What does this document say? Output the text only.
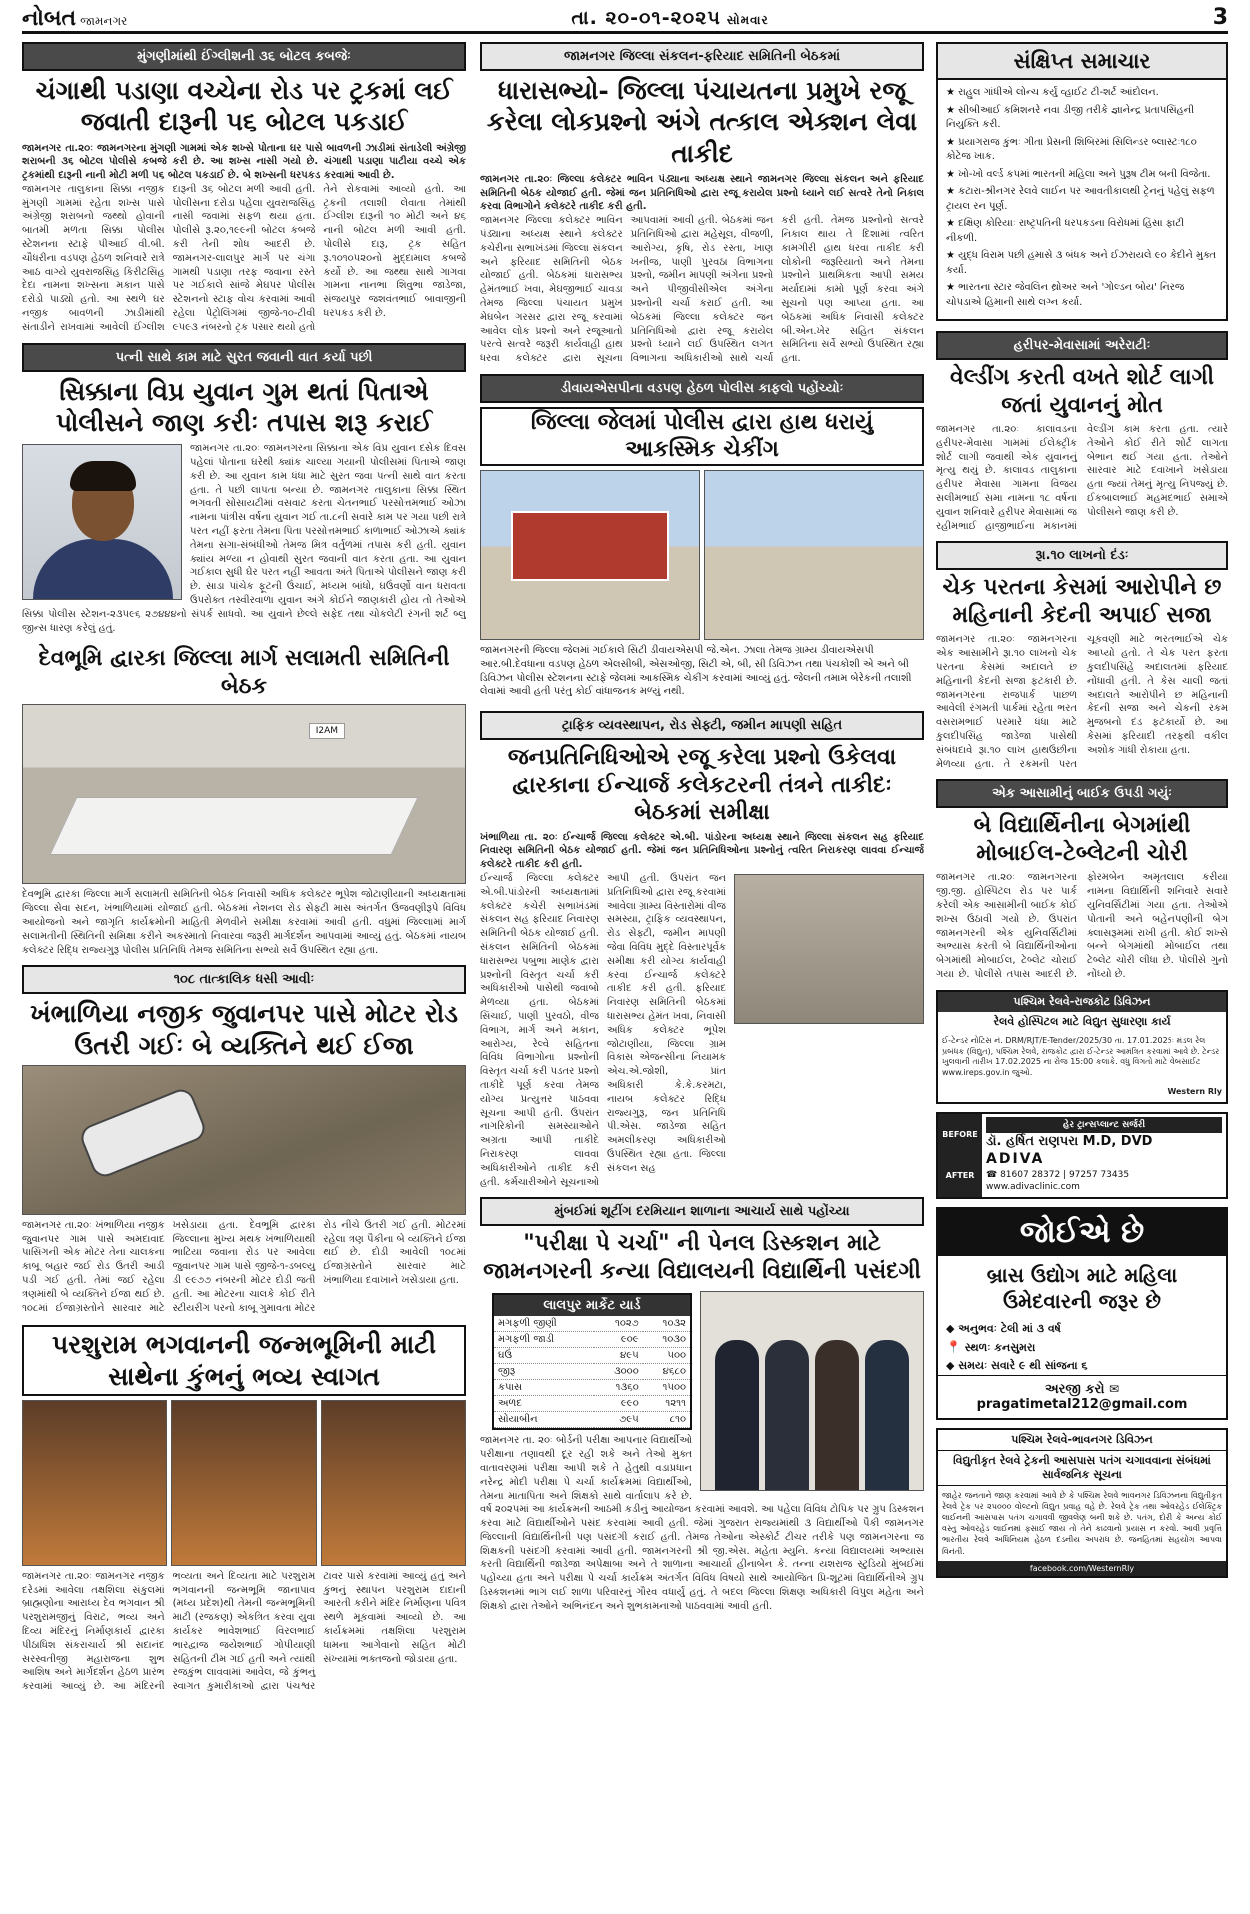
નોબત જામનગર	તા. ૨૦-૦૧-૨૦૨૫ સોમવાર	3
મુંગણીમાંથી ઈંગ્લીશની ૩૬ બોટલ કબજેઃ
ચંગાથી પડાણા વચ્ચેના રોડ પર ટ્રકમાં લઈ જવાતી દારૂની ૫૬ બોટલ પકડાઈ
જામનગર તા.૨૦ઃ જામનગરના મુંગણી ગામમાં એક શખ્સે પોતાના ઘર પાસે બાવળની ઝાડીમાં સંતાડેલી અંગ્રેજી શરાબની ૩૬ બોટલ પોલીસે કબજે કરી છે. આ શખ્સ નાસી ગયો છે. ચંગાથી પડાણા પાટીયા વચ્ચે એક ટ્રકમાંથી દારૂની નાની મોટી મળી ૫૬ બોટલ પકડાઈ છે. બે શખ્સની ધરપકડ કરવામાં આવી છે.
જામનગર તાલુકાના સિક્કા નજીક મુંગણી ગામમાં રહેતા શખ્સ પાસે અંગ્રેજી શરાબનો જથ્થો હોવાની બાતમી મળતા સિક્કા પોલીસ સ્ટેશનના સ્ટાફે પીઆઈ વી.બી. ચૌધરીના વડપણ હેઠળ શનિવારે રાત્રે આઠ વાગ્યે યુવરાજસિંહ કિરીટસિંહ દેદા નામના શખ્સના મકાન પાસે દરોડો પાડ્યો હતો. આ સ્થળે ઘર નજીક બાવળની ઝાડીમાંથી સંતાડીને રાખવામાં આવેલી ઈંગ્લીશ દારૂની ૩૬ બોટલ મળી આવી હતી. પોલીસના દરોડા પહેલા યુવરાજસિંહ નાસી જવામાં સફળ થયા હતા. પોલીસે રૂ.૨૦,૧૯૯ની બોટલ કબજે કરી તેની શોધ આદરી છે. જામનગર-લાલપુર માર્ગ પર ચંગા ગામથી પડાણા તરફ જવાના રસ્તે પર ગઈકાલે સાંજે મેઘપર પોલીસ સ્ટેશનનો સ્ટાફ વોચ કરવામાં આવી રહેલા પેટ્રોલિંગમાં જીજે-૧૦-ટીવી ૯૫૯૩ નંબરનો ટ્રક પસાર થયો હતો તેને રોકવામાં આવ્યો હતો. આ ટ્રકની તલાશી લેવાતા તેમાંથી ઈંગ્લીશ દારૂની ૧૦ મોટી અને ૪૬ નાની બોટલ મળી આવી હતી. પોલીસે દારૂ, ટ્રક સહિત રૂ.૧૦૧૦૫૨૦નો મુદ્દામાલ કબજે કર્યો છે. આ જથ્થા સાથે ગાગવા ગામના નાનભા શિવુભા જાડેજા, સંજયપુર જશવંતભાઈ બાવાજીની ધરપકડ કરી છે.
પત્ની સાથે કામ માટે સુરત જવાની વાત કર્યા પછી
સિક્કાના વિપ્ર યુવાન ગુમ થતાં પિતાએ પોલીસને જાણ કરીઃ તપાસ શરૂ કરાઈ
જામનગર તા.૨૦ઃ જામનગરના સિક્કાના એક વિપ્ર યુવાન દસેક દિવસ પહેલાં પોતાના ઘરેથી ક્યાંક ચાલ્યા ગયાની પોલીસમાં પિતાએ જાણ કરી છે. આ યુવાન કામ ધંધા માટે સુરત જવા પત્ની સાથે વાત કરતા હતા. તે પછી લાપતા બન્યા છે. જામનગર તાલુકાના સિક્કા સ્થિત ભગવતી સોસાયટીમાં વસવાટ કરતા ચેતનભાઈ પરસોત્તમભાઈ ઓઝા નામના પાંત્રીસ વર્ષના યુવાન ગઈ તા.૮ની સવારે કામ પર ગયા પછી રાત્રે પરત નહીં ફરતા તેમના પિતા પરસોત્તમભાઈ કાળાભાઈ ઓઝાએ ક્યાંક તેમના સગા-સંબંધીઓ તેમજ મિત્ર વર્તુળમાં તપાસ કરી હતી. યુવાન ક્યાંય મળ્યા ન હોવાથી સુરત જવાની વાત કરતા હતા. આ યુવાન ગઈકાલ સુધી ઘેર પરત નહીં આવતા અંતે પિતાએ પોલીસને જાણ કરી છે. સાડા પાંચેક ફૂટની ઉંચાઈ, મધ્યમ બાંધો, ઘઉંવર્ણો વાન ધરાવતા ઉપરોક્ત તસ્વીરવાળા યુવાન અંગે કોઈને જાણકારી હોય તો તેઓએ સિક્કા પોલીસ સ્ટેશન-૨૩૫૯૬ ૨૭૪૪૪નો સંપર્ક સાધવો. આ યુવાને છેલ્લે સફેદ તથા ચોકલેટી રંગની શર્ટ બ્લુ જીન્સ ધારણ કરેલું હતું.
દેવભૂમિ દ્વારકા જિલ્લા માર્ગ સલામતી સમિતિની બેઠક
I2AM
દેવભૂમિ દ્વારકા જિલ્લા માર્ગ સલામતી સમિતિની બેઠક નિવાસી અધિક કલેક્ટર ભૂપેશ જોટાણીયાની અધ્યક્ષતામાં જિલ્લા સેવા સદન, ખંભાળિયામાં યોજાઈ હતી. બેઠકમાં નેશનલ રોડ સેફ્ટી માસ અંતર્ગત ઉજવણીરૂપે વિવિધ આયોજનો અને જાગૃતિ કાર્યક્રમોની માહિતી મેળવીને સમીક્ષા કરવામાં આવી હતી. વધુમાં જિલ્લામાં માર્ગ સલામતીની સ્થિતિની સમિક્ષા કરીને અકસ્માતો નિવારવા જરૂરી માર્ગદર્શન આપવામાં આવ્યું હતું. બેઠકમાં નાયબ કલેક્ટર રિદ્ધિ રાજ્યગુરૂ પોલીસ પ્રતિનિધિ તેમજ સમિતિના સભ્યો સર્વે ઉપસ્થિત રહ્યા હતા.
૧૦૮ તાત્કાલિક ધસી આવીઃ
ખંભાળિયા નજીક જુવાનપર પાસે મોટર રોડ ઉતરી ગઈઃ બે વ્યક્તિને થઈ ઈજા
જામનગર તા.૨૦ઃ ખંભાળિયા નજીક જુવાનપર ગામ પાસે અમદાવાદ પાસિંગની એક મોટર તેના ચાલકના કાબૂ બહાર જઈ રોડ ઉતરી આડી પડી ગઈ હતી. તેમાં જઈ રહેલા ત્રણમાંથી બે વ્યક્તિને ઈજા થઈ છે. ૧૦૮માં ઈજાગ્રસ્તોને સારવાર માટે ખસેડાયા હતા. દેવભૂમિ દ્વારકા જિલ્લાના મુખ્ય મથક ખંભાળિયાથી ભાટિયા જવાના રોડ પર આવેલા જુવાનપર ગામ પાસે જીજે-૧-ડબલ્યુ ડી ૯૯૭૭ નંબરની મોટર દોડી જતી હતી. આ મોટરના ચાલકે કોઈ રીતે સ્ટીયરીંગ પરનો કાબૂ ગુમાવતા મોટર રોડ નીચે ઉતરી ગઈ હતી. મોટરમાં રહેલા ત્રણ પૈકીના બે વ્યક્તિને ઈજા થઈ છે. દોડી આવેલી ૧૦૮માં ઈજાગ્રસ્તોને સારવાર માટે ખંભાળિયા દવાખાને ખસેડાયા હતા.
પરશુરામ ભગવાનની જન્મભૂમિની માટી સાથેના કુંભનું ભવ્ય સ્વાગત
જામનગર તા.૨૦ઃ જામનગર નજીક દરેડમાં આવેલા તક્ષશિલા સંકુલમાં બ્રાહ્મણોના આરાધ્ય દેવ ભગવાન શ્રી પરશુરામજીનું વિરાટ, ભવ્ય અને દિવ્ય મંદિરનું નિર્માણકાર્ય દ્વારકા પીઠાધિશ સંકરાચાર્ય શ્રી સદાનંદ સરસ્વતીજી મહારાજના શુભ આશિષ અને માર્ગદર્શન હેઠળ પ્રારંભ કરવામાં આવ્યું છે. આ મંદિરની ભવ્યતા અને દિવ્યતા માટે પરશુરામ ભગવાનની જન્મભૂમિ જાનાપાવ (મધ્ય પ્રદેશ)થી તેમની જન્મભૂમિની માટી (રજકણ) એકત્રિત કરવા યુવા કાર્યકર ભાવેશભાઈ વિરલભાઈ ભારદ્વાજ જયેશભાઈ ગોપીયાણી સહિતની ટીમ ગઈ હતી અને ત્યાંથી રજકુંભ લાવવામાં આવેલ, જે કુંભનું સ્વાગત કુમારીકાઓ દ્વારા પંચશ્વર ટાવર પાસે કરવામાં આવ્યું હતું અને કુંભનું સ્થાપન પરશુરામ દાદાની આરતી કરીને મંદિર નિર્માણના પવિત્ર સ્થળે મૂકવામાં આવ્યો છે. આ કાર્યક્રમમાં તક્ષશિલા પરશુરામ ધામના આગેવાનો સહિત મોટી સંખ્યામાં ભક્તજનો જોડાયા હતા.
જામનગર જિલ્લા સંકલન-ફરિયાદ સમિતિની બેઠકમાં
ધારાસભ્યો- જિલ્લા પંચાયતના પ્રમુખે રજૂ કરેલા લોકપ્રશ્નો અંગે તત્કાલ એક્શન લેવા તાકીદ
જામનગર તા.૨૦ઃ જિલ્લા કલેક્ટર ભાવિન પંડ્યાના અધ્યક્ષ સ્થાને જામનગર જિલ્લા સંકલન અને ફરિયાદ સમિતિની બેઠક યોજાઈ હતી. જેમાં જન પ્રતિનિધિઓ દ્વારા રજૂ કરાયેલ પ્રશ્નો ધ્યાને લઈ સત્વરે તેનો નિકાલ કરવા વિભાગોને કલેક્ટરે તાકીદ કરી હતી.
જામનગર જિલ્લા કલેક્ટર ભાવિન પંડ્યાના અધ્યક્ષ સ્થાને કલેક્ટર કચેરીના સભાખંડમાં જિલ્લા સંકલન અને ફરિયાદ સમિતિની બેઠક યોજાઈ હતી. બેઠકમાં ધારાસભ્ય હેમંતભાઈ ખવા, મેઘજીભાઈ ચાવડા તેમજ જિલ્લા પંચાયત પ્રમુખ મેઘબેન ગરસર દ્વારા રજૂ કરવામાં આવેલ લોક પ્રશ્નો અને રજૂઆતો પરત્વે સત્વરે જરૂરી કાર્યવાહી હાથ ધરવા કલેક્ટર દ્વારા સૂચના આપવામાં આવી હતી. બેઠકમાં જન પ્રતિનિધિઓ દ્વારા મહેસૂલ, વીજળી, આરોગ્ય, કૃષિ, રોડ રસ્તા, ખાણ ખનીજ, પાણી પુરવઠા વિભાગના પ્રશ્નો, જમીન માપણી અંગેના પ્રશ્નો અને પીજીવીસીએલ અંગેના પ્રશ્નોની ચર્ચા કરાઈ હતી. આ બેઠકમાં જિલ્લા કલેક્ટર જન પ્રતિનિધિઓ દ્વારા રજૂ કરાયેલ પ્રશ્નો ધ્યાને લઈ ઉપસ્થિત લગત વિભાગના અધિકારીઓ સાથે ચર્ચા કરી હતી. તેમજ પ્રશ્નોનો સત્વરે નિકાલ થાય તે દિશામાં ત્વરિત કામગીરી હાથ ધરવા તાકીદ કરી લોકોની જરૂરિયાતો અને તેમના પ્રશ્નોને પ્રાથમિકતા આપી સમય મર્યાદામાં કામો પૂર્ણ કરવા અંગે સૂચનો પણ આપ્યા હતા. આ બેઠકમાં અધિક નિવાસી કલેક્ટર બી.એન.ખેર સહિત સંકલન સમિતિના સર્વે સભ્યો ઉપસ્થિત રહ્યા હતા.
ડીવાયએસપીના વડપણ હેઠળ પોલીસ કાફલો પહોંચ્યોઃ
જિલ્લા જેલમાં પોલીસ દ્વારા હાથ ધરાયું આકસ્મિક ચેકીંગ
જામનગરની જિલ્લા જેલમાં ગઈકાલે સિટી ડીવાયએસપી જે.એન. ઝાલા તેમજ ગ્રામ્ય ડીવાયએસપી આર.બી.દેવધાના વડપણ હેઠળ એલસીબી, એસઓજી, સિટી એ, બી, સી ડિવિઝન તથા પંચકોશી એ અને બી ડિવિઝન પોલીસ સ્ટેશનના સ્ટાફે જેલમાં આકસ્મિક ચેકીંગ કરવામાં આવ્યું હતું. જેલની તમામ બેરેકની તલાશી લેવામાં આવી હતી પરંતુ કોઈ વાંધાજનક મળ્યું નથી.
ટ્રાફિક વ્યવસ્થાપન, રોડ સેફ્ટી, જમીન માપણી સહિત
જનપ્રતિનિધિઓએ રજૂ કરેલા પ્રશ્નો ઉકેલવા દ્વારકાના ઈન્ચાર્જ કલેકટરની તંત્રને તાકીદઃ બેઠકમાં સમીક્ષા
ખંભાળિયા તા. ૨૦ઃ ઈન્ચાર્જ જિલ્લા કલેક્ટર એ.બી. પાંડોરના અધ્યક્ષ સ્થાને જિલ્લા સંકલન સહ ફરિયાદ નિવારણ સમિતિની બેઠક યોજાઈ હતી. જેમાં જન પ્રતિનિધિઓના પ્રશ્નોનું ત્વરિત નિરાકરણ લાવવા ઈન્ચાર્જ કલેક્ટરે તાકીદ કરી હતી.
ઈન્ચાર્જ જિલ્લા કલેક્ટર એ.બી.પાંડોરની અધ્યક્ષતામાં કલેક્ટર કચેરી સભાખંડમાં સંકલન સહ ફરિયાદ નિવારણ સમિતિની બેઠક યોજાઈ હતી. સંકલન સમિતિની બેઠકમાં ધારાસભ્ય પબુભા માણેક દ્વારા પ્રશ્નોની વિસ્તૃત ચર્ચા કરી અધિકારીઓ પાસેથી જવાબો મેળવ્યા હતા. બેઠકમાં સિંચાઈ, પાણી પુરવઠો, વીજ વિભાગ, માર્ગ અને મકાન, આરોગ્ય, રેલ્વે સહિતના વિવિધ વિભાગોના પ્રશ્નોની વિસ્તૃત ચર્ચા કરી પડતર પ્રશ્નો તાકીદે પૂર્ણ કરવા તેમજ યોગ્ય પ્રત્યુત્તર પાઠવવા સૂચના આપી હતી. ઉપરાંત નાગરિકોની સમસ્યાઓને અગ્રતા આપી તાકીદે નિરાકરણ લાવવા અધિકારીઓને તાકીદ કરી હતી. કર્મચારીઓને સૂચનાઓ આપી હતી. ઉપરાંત જન પ્રતિનિધિઓ દ્વારા રજૂ કરવામાં આવેલા ગ્રામ્ય વિસ્તારોમાં વીજ સમસ્યા, ટ્રાફિક વ્યવસ્થાપન, રોડ સેફ્ટી, જમીન માપણી જેવા વિવિધ મુદ્દે વિસ્તારપૂર્વક સમીક્ષા કરી યોગ્ય કાર્યવાહી કરવા ઈન્ચાર્જ કલેક્ટરે તાકીદ કરી હતી. ફરિયાદ નિવારણ સમિતિની બેઠકમાં ધારાસભ્ય હેમંત ખવા, નિવાસી અધિક કલેક્ટર ભૂપેશ જોટાણીયા, જિલ્લા ગ્રામ વિકાસ એજન્સીના નિયામક એચ.એ.જોશી, પ્રાંત અધિકારી કે.કે.કરમટા, નાયબ કલેક્ટર રિદ્ધિ રાજ્યગુરૂ, જન પ્રતિનિધિ પી.એસ. જાડેજા સહિત અમલીકરણ અધિકારીઓ ઉપસ્થિત રહ્યા હતા. જિલ્લા સંકલન સહ
મુંબઈમાં શૂટીંગ દરમિયાન શાળાના આચાર્ય સાથે પહોંચ્યા
"પરીક્ષા પે ચર્ચા" ની પેનલ ડિસ્કશન માટે જામનગરની કન્યા વિદ્યાલયની વિદ્યાર્થિની પસંદગી
લાલપુર માર્કેટ યાર્ડ
મગફળી જીણી	૧૦૨૭	૧૦૩૨
મગફળી જાડી	૯૦૯	૧૦૩૦
ઘઉં	૪૯૫	૫૦૦
જીરૂ	૩૦૦૦	૪૬૮૦
કપાસ	૧૩૬૦	૧૫૦૦
અળદ	૯૯૦	૧૨૧૧
સોયાબીન	૭૯૫	૮૧૦
જામનગર તા. ૨૦ઃ બોર્ડની પરીક્ષા આપનાર વિદ્યાર્થીઓ પરીક્ષાના તણાવથી દૂર રહી શકે અને તેઓ મુક્ત વાતાવરણમાં પરીક્ષા આપી શકે તે હેતુથી વડાપ્રધાન નરેન્દ્ર મોદી પરીક્ષા પે ચર્ચા કાર્યક્રમમાં વિદ્યાર્થીઓ, તેમના માતાપિતા અને શિક્ષકો સાથે વાર્તાલાપ કરે છે. વર્ષ ૨૦૨૫માં આ કાર્યક્રમની આઠમી કડીનું આયોજન કરવામાં આવશે. આ પહેલા વિવિધ ટોપિક પર ગ્રુપ ડિસ્કશન કરવા માટે વિદ્યાર્થીઓને પસંદ કરવામાં આવી હતી. જેમાં ગુજરાત રાજ્યમાંથી ૩ વિદ્યાર્થીઓ પૈકી જામનગર જિલ્લાની વિદ્યાર્થિનીની પણ પસંદગી કરાઈ હતી. તેમજ તેઓના એસ્કોર્ટ ટીચર તરીકે પણ જામનગરના જ શિક્ષકની પસંદગી કરવામાં આવી હતી. જામનગરની શ્રી જી.એસ. મહેતા મ્યુનિ. કન્યા વિદ્યાલયમાં અભ્યાસ કરતી વિદ્યાર્થિની જાડેજા અપેક્ષાબા અને તે શાળાના આચાર્યા હીનાબેન કે. તન્ના યશરાજ સ્ટુડિયો મુંબઈમાં પહોંચ્યા હતા અને પરીક્ષા પે ચર્ચા કાર્યક્રમ અંતર્ગત વિવિધ વિષયો સાથે આયોજિત પ્રિ-શૂટમાં વિદ્યાર્થિનીએ ગ્રુપ ડિસ્કશનમાં ભાગ લઈ શાળા પરિવારનું ગૌરવ વધાર્યું હતું. તે બદલ જિલ્લા શિક્ષણ અધિકારી વિપુલ મહેતા અને શિક્ષકો દ્વારા તેઓને અભિનંદન અને શુભકામનાઓ પાઠવવામાં આવી હતી.
સંક્ષિપ્ત સમાચાર
★ રાહુલ ગાંધીએ લોન્ચ કર્યું વ્હાઈટ ટી-શર્ટ આંદોલન.
★ સીબીઆઈ કમિશનરે નવા ડીજી તરીકે જ્ઞાનેન્દ્ર પ્રતાપસિંહની નિયુક્તિ કરી.
★ પ્રયાગરાજ કુંભઃ ગીતા પ્રેસની શિબિરમાં સિલિન્ડર બ્લાસ્ટઃ૧૮૦ કોટેજ ખાક.
★ ખો-ખો વર્લ્ડ કપમાં ભારતની મહિલા અને પુરૂષ ટીમ બની વિજેતા.
★ કટારા-શ્રીનગર રેલવે લાઈન પર આવતીકાલથી ટ્રેનનું પહેલું સફળ ટ્રાયલ રન પૂર્ણ.
★ દક્ષિણ કોરિયાઃ રાષ્ટ્રપતિની ધરપકડના વિરોધમાં હિંસા ફાટી નીકળી.
★ યુદ્ધ વિરામ પછી હમાસે ૩ બંધક અને ઈઝરાયલે ૯૦ કેદીને મુક્ત કર્યા.
★ ભારતના સ્ટાર જેવલિન થ્રોઅર અને 'ગોલ્ડન બોય' નિરજ ચોપડાએ હિમાની સાથે લગ્ન કર્યા.
હરીપર-મેવાસામાં અરેરાટીઃ
વેલ્ડીંગ કરતી વખતે શોર્ટ લાગી જતાં યુવાનનું મોત
જામનગર તા.૨૦ઃ કાલાવડના હરીપર-મેવાસા ગામમાં ઈલેક્ટ્રીક શોર્ટ લાગી જવાથી એક યુવાનનું મૃત્યુ થયું છે. કાલાવડ તાલુકાના હરીપર મેવાસા ગામના વિજય સલીમભાઈ સમા નામના ૧૮ વર્ષના યુવાન શનિવારે હરીપર મેવાસામાં જ રહીમભાઈ હાજીભાઈના મકાનમાં વેલ્ડીંગ કામ કરતા હતા. ત્યારે તેઓને કોઈ રીતે શોર્ટ લાગતા બેભાન થઈ ગયા હતા. તેઓને સારવાર માટે દવાખાને ખસેડાયા હતા જ્યાં તેમનું મૃત્યુ નિપજ્યું છે. ઈકબાલભાઈ મહમદભાઈ સમાએ પોલીસને જાણ કરી છે.
રૂા.૧૦ લાખનો દંડઃ
ચેક પરતના કેસમાં આરોપીને છ મહિનાની કેદની અપાઈ સજા
જામનગર તા.૨૦ઃ જામનગરના એક આસામીને રૂા.૧૦ લાખનો ચેક પરતના કેસમાં અદાલતે છ મહિનાની કેદની સજા ફટકારી છે. જામનગરના રાજપાર્ક પાછળ આવેલી રંગમતી પાર્કમાં રહેતા ભરત વસરામભાઈ પરમારે ધંધા માટે કુલદીપસિંહ જાડેજા પાસેથી સંબંધદાવે રૂા.૧૦ લાખ હાથઉછીના મેળવ્યા હતા. તે રકમની પરત ચૂકવણી માટે ભરતભાઈએ ચેક આપ્યો હતો. તે ચેક પરત ફરતા કુલદીપસિંહે અદાલતમાં ફરિયાદ નોંધાવી હતી. તે કેસ ચાલી જતાં અદાલતે આરોપીને છ મહિનાની કેદની સજા અને ચેકની રકમ મુજબનો દંડ ફટકાર્યો છે. આ કેસમાં ફરિયાદી તરફથી વકીલ અશોક ગાંધી રોકાયા હતા.
એક આસામીનું બાઈક ઉપડી ગયુંઃ
બે વિદ્યાર્થિનીના બેગમાંથી મોબાઈલ-ટેબ્લેટની ચોરી
જામનગર તા.૨૦ઃ જામનગરના જી.જી. હોસ્પિટલ રોડ પર પાર્ક કરેલી એક આસામીની બાઈક કોઈ શખ્સ ઉઠાવી ગયો છે. ઉપરાંત જામનગરની એક યુનિવર્સિટીમાં અભ્યાસ કરતી બે વિદ્યાર્થિનીઓના બેગમાંથી મોબાઈલ, ટેબ્લેટ ચોરાઈ ગયા છે. પોલીસે તપાસ આદરી છે. ફોરમબેન અમૃતલાલ કરીયા નામના વિદ્યાર્થિની શનિવારે સવારે યુનિવર્સિટીમાં ગયા હતા. તેઓએ પોતાની અને બહેનપણીની બેગ ક્લાસરૂમમાં રાખી હતી. કોઈ શખ્સે બન્ને બેગમાંથી મોબાઈલ તથા ટેબ્લેટ ચોરી લીધા છે. પોલીસે ગુનો નોંધ્યો છે.
પશ્ચિમ રેલવે-રાજકોટ ડિવિઝન
રેલવે હોસ્પિટલ માટે વિદ્યુત સુધારણા કાર્ય
ઈ-ટેન્ડર નોટિસ નં. DRM/RJT/E-Tender/2025/30 તા. 17.01.2025ઃ મંડલ રેલ પ્રબંધક (વિદ્યુત), પશ્ચિમ રેલવે, રાજકોટ દ્વારા ઈ-ટેન્ડર આમંત્રિત કરવામાં આવે છે. ટેન્ડર ખુલવાની તારીખ 17.02.2025 ના રોજ 15:00 કલાકે. વધુ વિગતો માટે વેબસાઈટ www.ireps.gov.in જુઓ.
Western Rly
BEFORE
AFTER
હેર ટ્રાન્સપ્લાન્ટ સર્જરી
ડૉ. હર્ષિત રાણપરા M.D, DVD
ADIVA
☎ 81607 28372 | 97257 73435
www.adivaclinic.com
જોઈએ છે
બ્રાસ ઉદ્યોગ માટે મહિલા ઉમેદવારની જરૂર છે
◆ અનુભવઃ ટેલી માં ૩ વર્ષ
📍 સ્થળઃ કનસુમરા
◆ સમયઃ સવારે ૯ થી સાંજના ૬
અરજી કરો ✉ pragatimetal212@gmail.com
પશ્ચિમ રેલવે-ભાવનગર ડિવિઝન
વિદ્યુતીકૃત રેલવે ટ્રેકની આસપાસ પતંગ ચગાવવાના સંબંધમાં સાર્વજનિક સૂચના
જાહેર જનતાને જાણ કરવામાં આવે છે કે પશ્ચિમ રેલવે ભાવનગર ડિવિઝનના વિદ્યુતીકૃત રેલવે ટ્રેક પર ૨૫૦૦૦ વોલ્ટનો વિદ્યુત પ્રવાહ વહે છે. રેલવે ટ્રેક તથા ઓવરહેડ ઈલેક્ટ્રિક લાઈનની આસપાસ પતંગ ચગાવવી જીવલેણ બની શકે છે. પતંગ, દોરી કે અન્ય કોઈ વસ્તુ ઓવરહેડ લાઈનમાં ફસાઈ જાય તો તેને કાઢવાનો પ્રયાસ ન કરવો. આવી પ્રવૃત્તિ ભારતીય રેલવે અધિનિયમ હેઠળ દંડનીય અપરાધ છે. જનહિતમાં સહયોગ આપવા વિનંતી.
facebook.com/WesternRly
